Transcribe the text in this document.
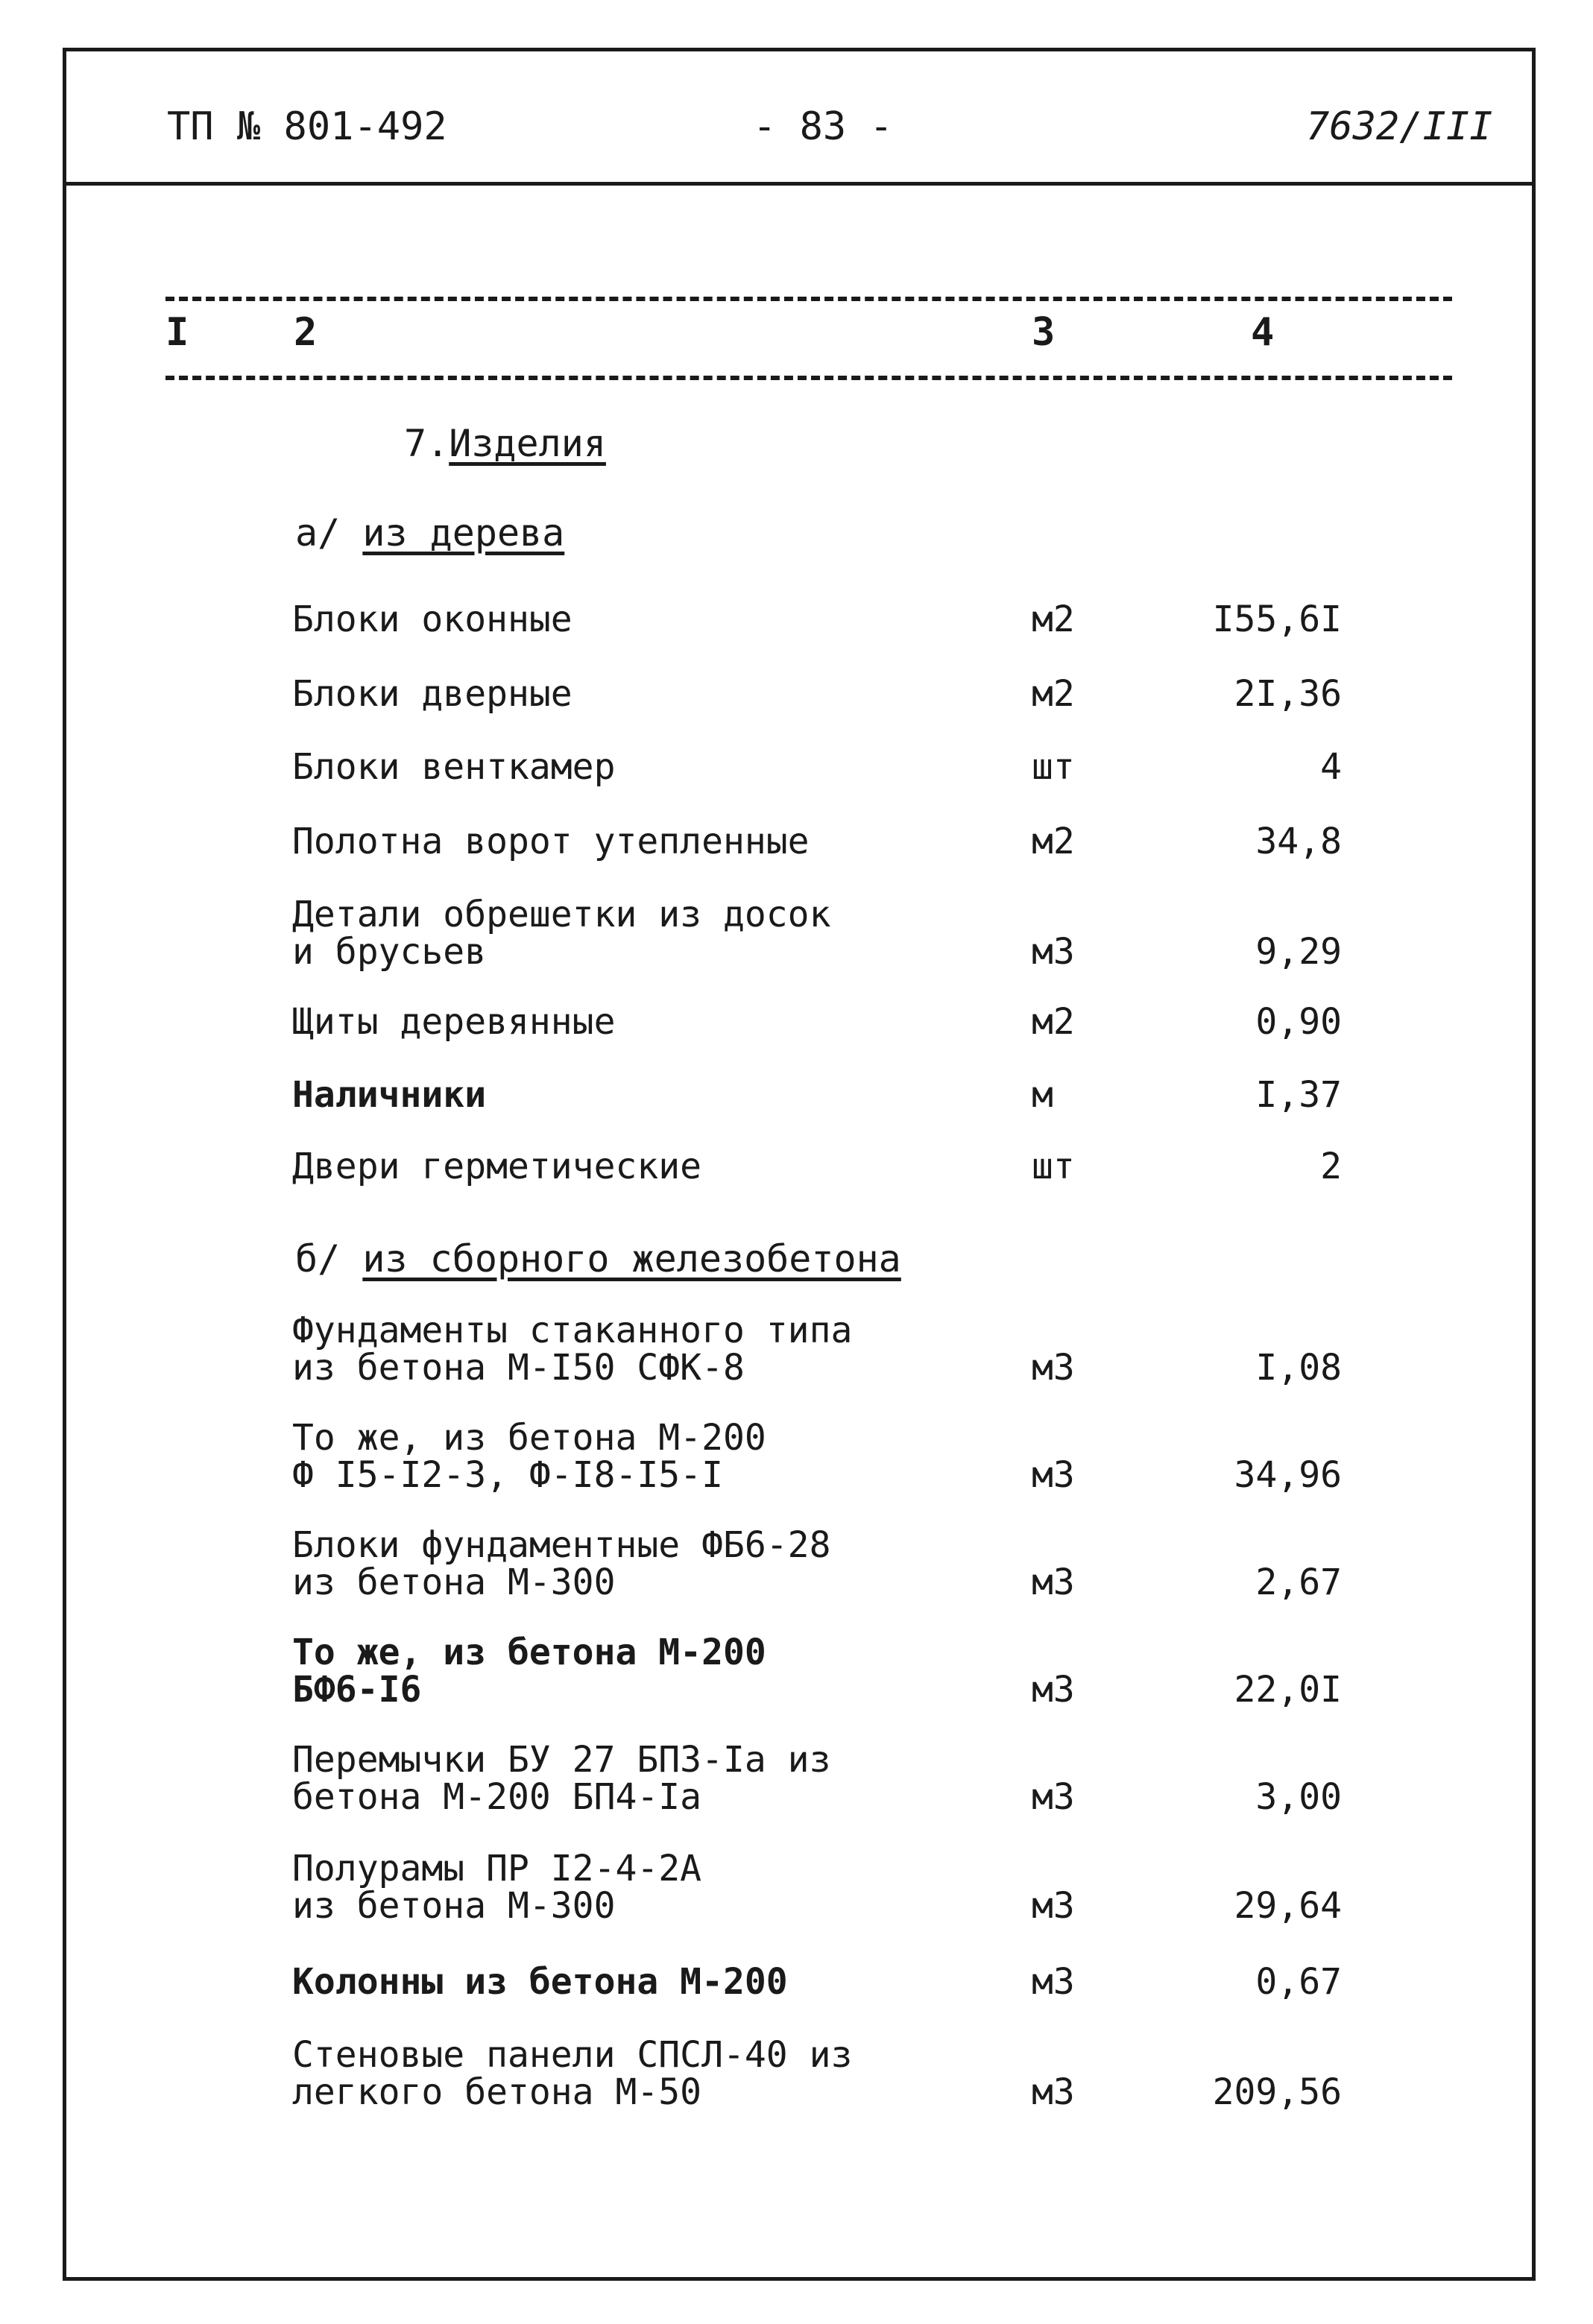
ТП № 801-492	- 83 -	7632/III
I	2	3	4
7.Изделия
а/ из дерева
Блоки оконные	м2	I55,6I
Блоки дверные	м2	2I,36
Блоки венткамер	шт	4
Полотна ворот утепленные	м2	34,8
Детали обрешетки из досок
и брусьев	м3	9,29
Щиты деревянные	м2	0,90
Наличники	м	I,37
Двери герметические	шт	2
б/ из сборного железобетона
Фундаменты стаканного типа
из бетона М-I50 СФК-8	м3	I,08
То же, из бетона М-200
Ф I5-I2-3, Ф-I8-I5-I	м3	34,96
Блоки фундаментные ФБ6-28
из бетона М-300	м3	2,67
То же, из бетона М-200
БФ6-I6	м3	22,0I
Перемычки БУ 27 БПЗ-Iа из
бетона М-200 БП4-Iа	м3	3,00
Полурамы ПР I2-4-2А
из бетона М-300	м3	29,64
Колонны из бетона М-200	м3	0,67
Стеновые панели СПСЛ-40 из
легкого бетона М-50	м3	209,56
